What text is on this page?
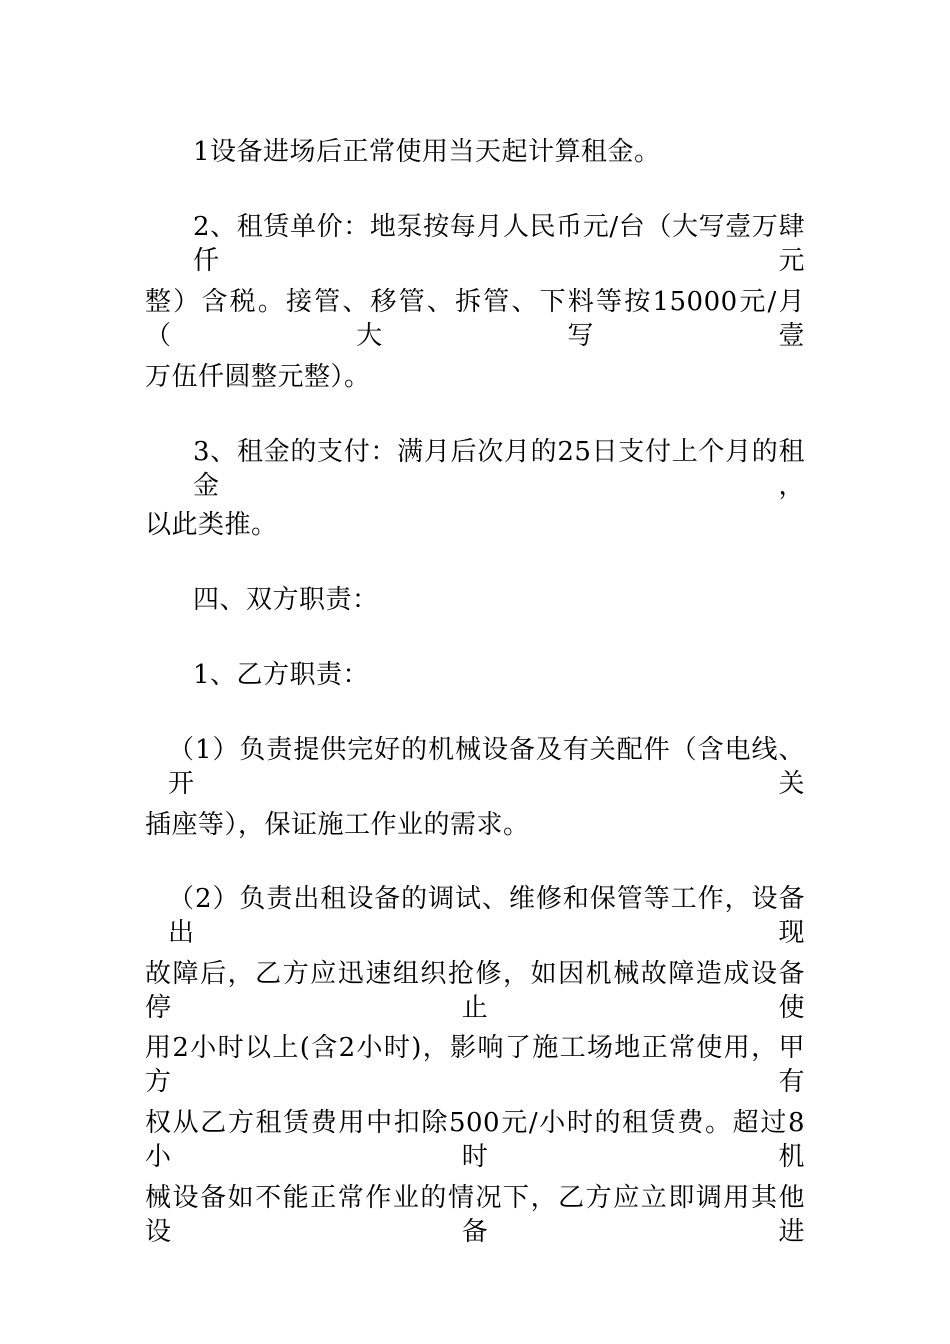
1设备进场后正常使用当天起计算租金。
2、租赁单价：地泵按每月人民币元/台（大写壹万肆仟元
整）含税。接管、移管、拆管、下料等按15000元/月（大写壹
万伍仟圆整元整）。
3、租金的支付：满月后次月的25日支付上个月的租金，
以此类推。
四、双方职责：
1、乙方职责：
（1）负责提供完好的机械设备及有关配件（含电线、开关
插座等），保证施工作业的需求。
（2）负责出租设备的调试、维修和保管等工作，设备出现
故障后，乙方应迅速组织抢修，如因机械故障造成设备停止使
用2小时以上(含2小时)，影响了施工场地正常使用，甲方有
权从乙方租赁费用中扣除500元/小时的租赁费。超过8小时机
械设备如不能正常作业的情况下，乙方应立即调用其他设备进
